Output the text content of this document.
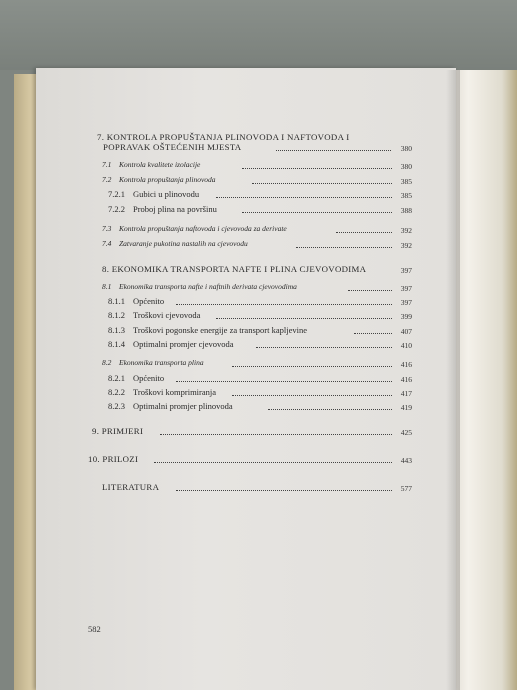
7. KONTROLA PROPUŠTANJA PLINOVODA I NAFTOVODA I
POPRAVAK OŠTEĆENIH MJESTA	380
7.1 Kontrola kvalitete izolacije	380
7.2 Kontrola propuštanja plinovoda	385
7.2.1 Gubici u plinovodu	385
7.2.2 Proboj plina na površinu	388
7.3 Kontrola propuštanja naftovoda i cjevovoda za derivate	392
7.4 Zatvaranje pukotina nastalih na cjevovodu	392
8. EKONOMIKA TRANSPORTA NAFTE I PLINA CJEVOVODIMA	397
8.1 Ekonomika transporta nafte i naftnih derivata cjevovodima	397
8.1.1 Općenito	397
8.1.2 Troškovi cjevovoda	399
8.1.3 Troškovi pogonske energije za transport kapljevine	407
8.1.4 Optimalni promjer cjevovoda	410
8.2 Ekonomika transporta plina	416
8.2.1 Općenito	416
8.2.2 Troškovi komprimiranja	417
8.2.3 Optimalni promjer plinovoda	419
9. PRIMJERI	425
10. PRILOZI	443
LITERATURA	577
582
